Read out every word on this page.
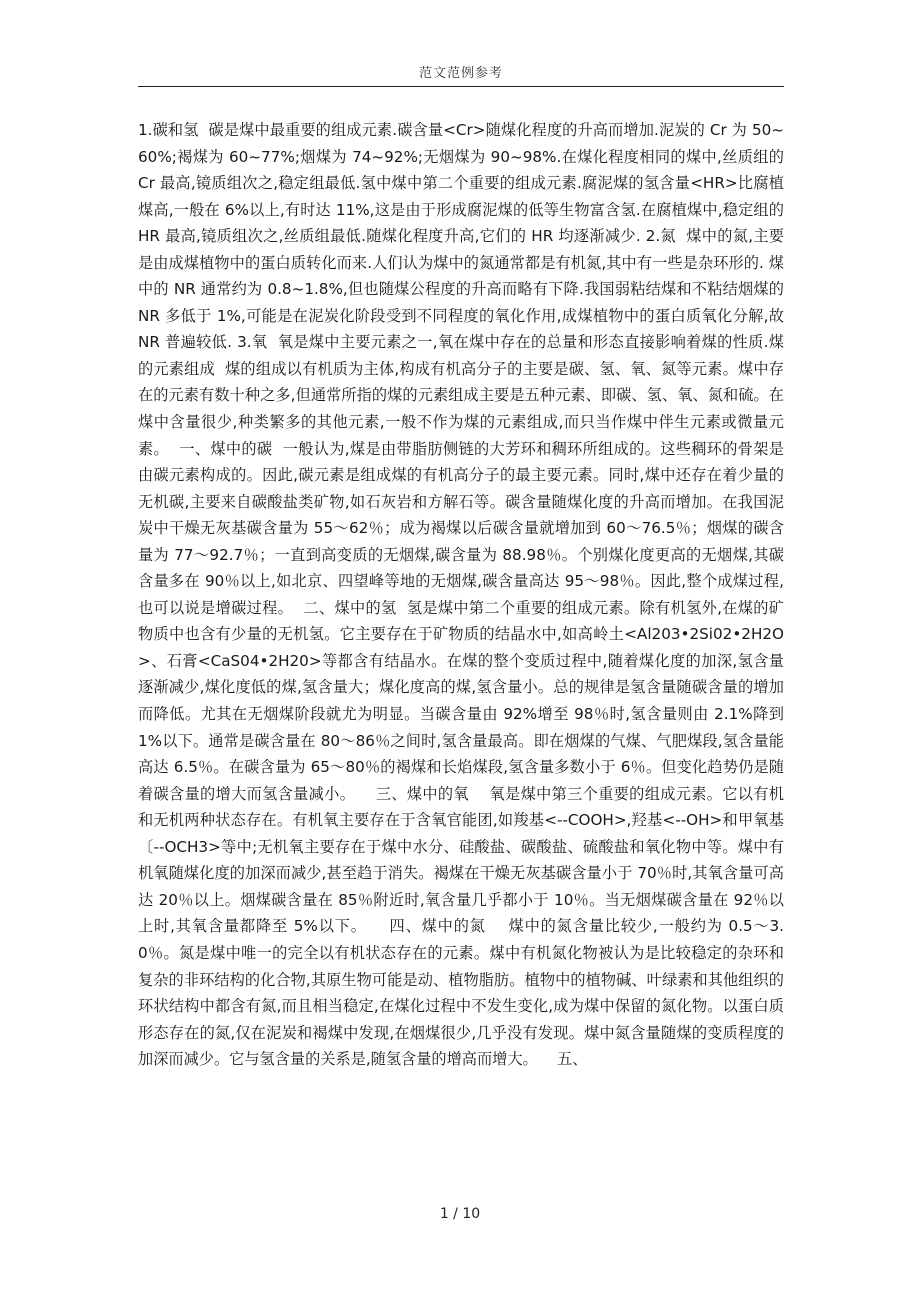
范文范例参考
1.碳和氢  碳是煤中最重要的组成元素.碳含量<Cr>随煤化程度的升高而增加.泥炭的 Cr 为 50~60%;褐煤为 60~77%;烟煤为 74~92%;无烟煤为 90~98%.在煤化程度相同的煤中,丝质组的 Cr 最高,镜质组次之,稳定组最低.氢中煤中第二个重要的组成元素.腐泥煤的氢含量<HR>比腐植煤高,一般在 6%以上,有时达 11%,这是由于形成腐泥煤的低等生物富含氢.在腐植煤中,稳定组的 HR 最高,镜质组次之,丝质组最低.随煤化程度升高,它们的 HR 均逐渐减少. 2.氮  煤中的氮,主要是由成煤植物中的蛋白质转化而来.人们认为煤中的氮通常都是有机氮,其中有一些是杂环形的. 煤中的 NR 通常约为 0.8~1.8%,但也随煤公程度的升高而略有下降.我国弱粘结煤和不粘结烟煤的 NR 多低于 1%,可能是在泥炭化阶段受到不同程度的氧化作用,成煤植物中的蛋白质氧化分解,故 NR 普遍较低. 3.氧  氧是煤中主要元素之一,氧在煤中存在的总量和形态直接影响着煤的性质.煤的元素组成  煤的组成以有机质为主体,构成有机高分子的主要是碳、氢、氧、氮等元素。煤中存在的元素有数十种之多,但通常所指的煤的元素组成主要是五种元素、即碳、氢、氧、氮和硫。在煤中含量很少,种类繁多的其他元素,一般不作为煤的元素组成,而只当作煤中伴生元素或微量元素。  一、煤中的碳  一般认为,煤是由带脂肪侧链的大芳环和稠环所组成的。这些稠环的骨架是由碳元素构成的。因此,碳元素是组成煤的有机高分子的最主要元素。同时,煤中还存在着少量的无机碳,主要来自碳酸盐类矿物,如石灰岩和方解石等。碳含量随煤化度的升高而增加。在我国泥炭中干燥无灰基碳含量为 55～62％；成为褐煤以后碳含量就增加到 60～76.5％；烟煤的碳含量为 77～92.7％；一直到高变质的无烟煤,碳含量为 88.98％。个别煤化度更高的无烟煤,其碳含量多在 90％以上,如北京、四望峰等地的无烟煤,碳含量高达 95～98％。因此,整个成煤过程,也可以说是增碳过程。  二、煤中的氢  氢是煤中第二个重要的组成元素。除有机氢外,在煤的矿物质中也含有少量的无机氢。它主要存在于矿物质的结晶水中,如高岭土<Al203•2Si02•2H2O>、石膏<CaS04•2H20>等都含有结晶水。在煤的整个变质过程中,随着煤化度的加深,氢含量逐渐减少,煤化度低的煤,氢含量大；煤化度高的煤,氢含量小。总的规律是氢含量随碳含量的增加而降低。尤其在无烟煤阶段就尤为明显。当碳含量由 92%增至 98％时,氢含量则由 2.1%降到 1%以下。通常是碳含量在 80～86％之间时,氢含量最高。即在烟煤的气煤、气肥煤段,氢含量能高达 6.5％。在碳含量为 65～80％的褐煤和长焰煤段,氢含量多数小于 6％。但变化趋势仍是随着碳含量的增大而氢含量减小。    三、煤中的氧    氧是煤中第三个重要的组成元素。它以有机和无机两种状态存在。有机氧主要存在于含氧官能团,如羧基<--COOH>,羟基<--OH>和甲氧基〔--OCH3>等中;无机氧主要存在于煤中水分、硅酸盐、碳酸盐、硫酸盐和氧化物中等。煤中有机氧随煤化度的加深而减少,甚至趋于消失。褐煤在干燥无灰基碳含量小于 70％时,其氧含量可高达 20％以上。烟煤碳含量在 85％附近时,氧含量几乎都小于 10％。当无烟煤碳含量在 92％以上时,其氧含量都降至 5%以下。    四、煤中的氮    煤中的氮含量比较少,一般约为 0.5～3.0％。氮是煤中唯一的完全以有机状态存在的元素。煤中有机氮化物被认为是比较稳定的杂环和复杂的非环结构的化合物,其原生物可能是动、植物脂肪。植物中的植物碱、叶绿素和其他组织的环状结构中都含有氮,而且相当稳定,在煤化过程中不发生变化,成为煤中保留的氮化物。以蛋白质形态存在的氮,仅在泥炭和褐煤中发现,在烟煤很少,几乎没有发现。煤中氮含量随煤的变质程度的加深而减少。它与氢含量的关系是,随氢含量的增高而增大。    五、
1 / 10
